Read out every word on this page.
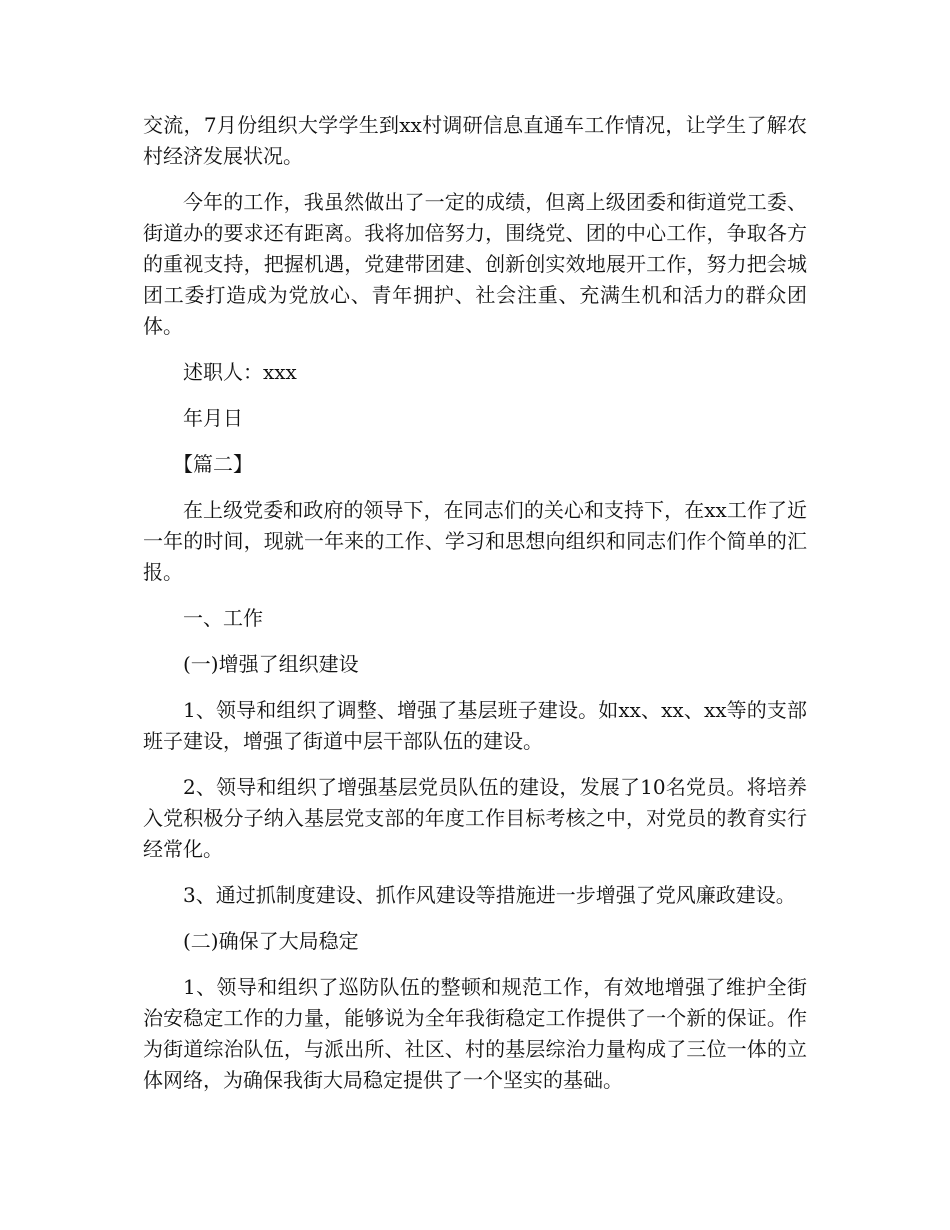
交流，7月份组织大学学生到xx村调研信息直通车工作情况，让学生了解农村经济发展状况。

今年的工作，我虽然做出了一定的成绩，但离上级团委和街道党工委、街道办的要求还有距离。我将加倍努力，围绕党、团的中心工作，争取各方的重视支持，把握机遇，党建带团建、创新创实效地展开工作，努力把会城团工委打造成为党放心、青年拥护、社会注重、充满生机和活力的群众团体。

述职人：xxx

年月日

【篇二】

在上级党委和政府的领导下，在同志们的关心和支持下，在xx工作了近一年的时间，现就一年来的工作、学习和思想向组织和同志们作个简单的汇报。

一、工作

(一)增强了组织建设

1、领导和组织了调整、增强了基层班子建设。如xx、xx、xx等的支部班子建设，增强了街道中层干部队伍的建设。

2、领导和组织了增强基层党员队伍的建设，发展了10名党员。将培养入党积极分子纳入基层党支部的年度工作目标考核之中，对党员的教育实行经常化。

3、通过抓制度建设、抓作风建设等措施进一步增强了党风廉政建设。

(二)确保了大局稳定

1、领导和组织了巡防队伍的整顿和规范工作，有效地增强了维护全街治安稳定工作的力量，能够说为全年我街稳定工作提供了一个新的保证。作为街道综治队伍，与派出所、社区、村的基层综治力量构成了三位一体的立体网络，为确保我街大局稳定提供了一个坚实的基础。
